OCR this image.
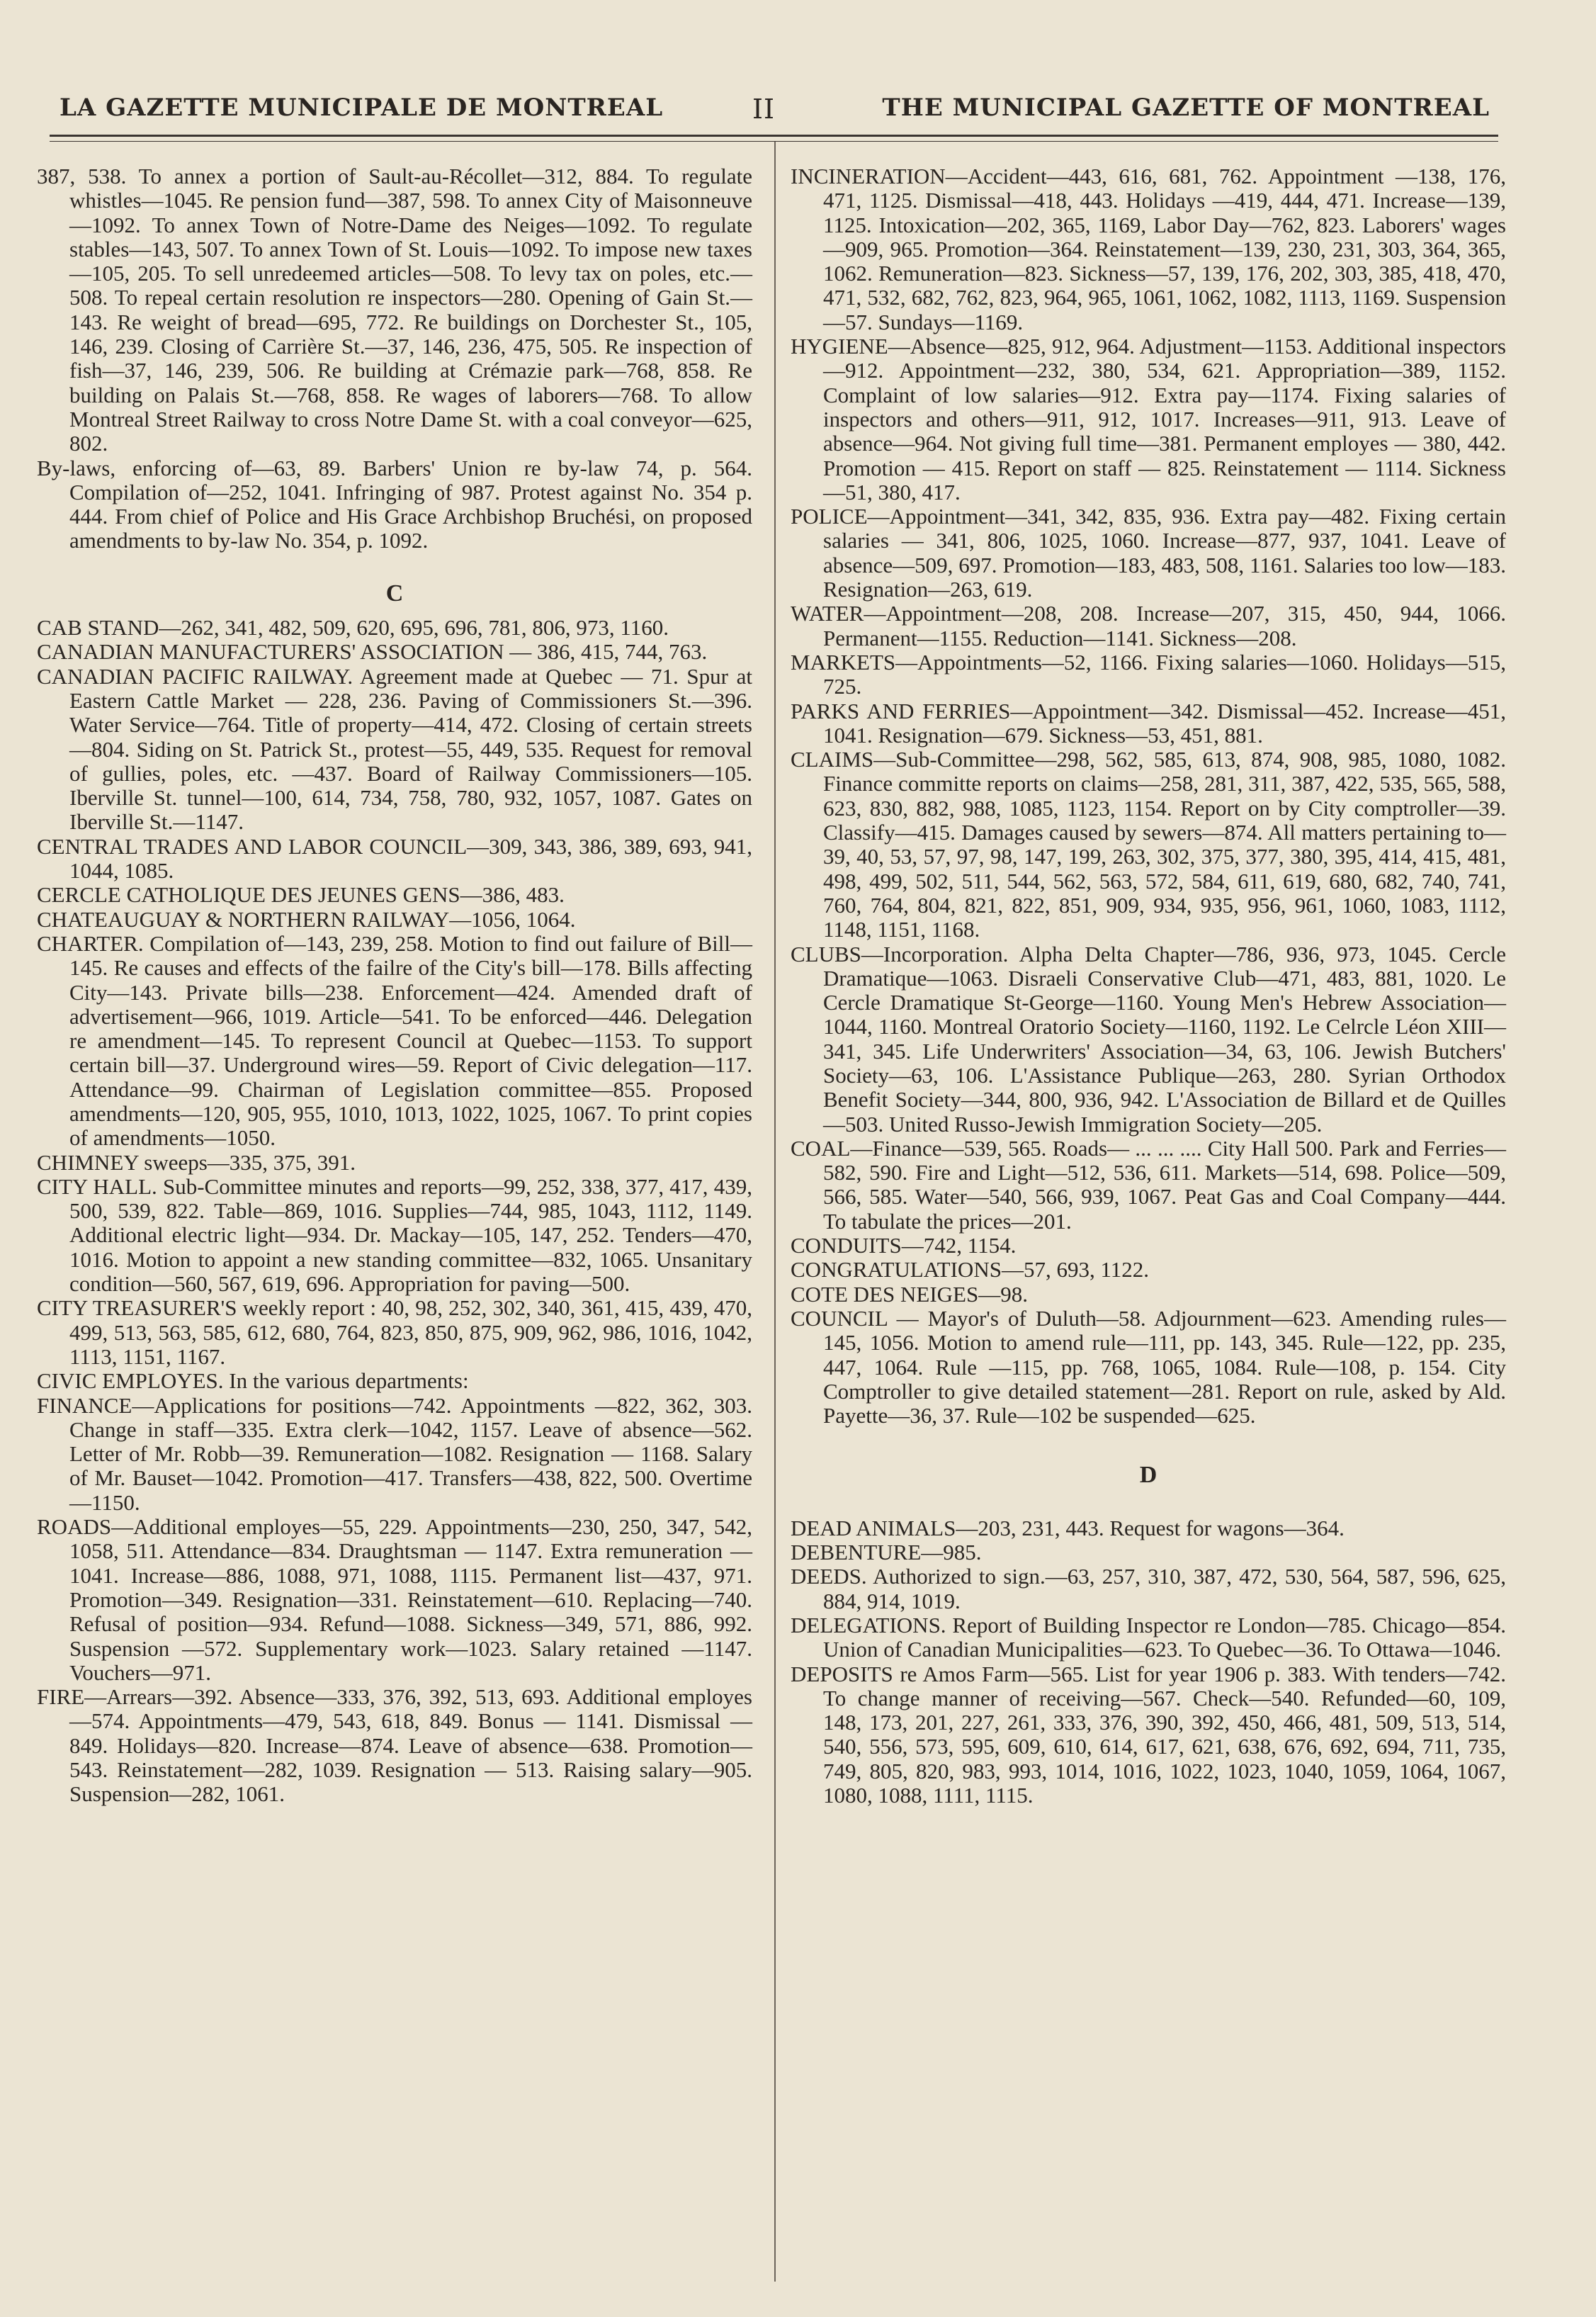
LA GAZETTE MUNICIPALE DE MONTREAL	II	THE MUNICIPAL GAZETTE OF MONTREAL

387, 538. To annex a portion of Sault-au-Récollet—312, 884. To regulate whistles—1045. Re pension fund—387, 598. To annex City of Maisonneuve—1092. To annex Town of Notre-Dame des Neiges—1092. To regulate stables—143, 507. To annex Town of St. Louis—1092. To impose new taxes—105, 205. To sell unredeemed articles—508. To levy tax on poles, etc.—508. To repeal certain resolution re inspectors—280. Opening of Gain St.—143. Re weight of bread—695, 772. Re buildings on Dorchester St., 105, 146, 239. Closing of Carrière St.—37, 146, 236, 475, 505. Re inspection of fish—37, 146, 239, 506. Re building at Crémazie park—768, 858. Re building on Palais St.—768, 858. Re wages of laborers—768. To allow Montreal Street Railway to cross Notre Dame St. with a coal conveyor—625, 802.

By-laws, enforcing of—63, 89. Barbers' Union re by-law 74, p. 564. Compilation of—252, 1041. Infringing of 987. Protest against No. 354 p. 444. From chief of Police and His Grace Archbishop Bruchési, on proposed amendments to by-law No. 354, p. 1092.

C

CAB STAND—262, 341, 482, 509, 620, 695, 696, 781, 806, 973, 1160.

CANADIAN MANUFACTURERS' ASSOCIATION — 386, 415, 744, 763.

CANADIAN PACIFIC RAILWAY. Agreement made at Quebec — 71. Spur at Eastern Cattle Market — 228, 236. Paving of Commissioners St.—396. Water Service—764. Title of property—414, 472. Closing of certain streets—804. Siding on St. Patrick St., protest—55, 449, 535. Request for removal of gullies, poles, etc. —437. Board of Railway Commissioners—105. Iberville St. tunnel—100, 614, 734, 758, 780, 932, 1057, 1087. Gates on Iberville St.—1147.

CENTRAL TRADES AND LABOR COUNCIL—309, 343, 386, 389, 693, 941, 1044, 1085.

CERCLE CATHOLIQUE DES JEUNES GENS—386, 483.

CHATEAUGUAY & NORTHERN RAILWAY—1056, 1064.

CHARTER. Compilation of—143, 239, 258. Motion to find out failure of Bill—145. Re causes and effects of the failre of the City's bill—178. Bills affecting City—143. Private bills—238. Enforcement—424. Amended draft of advertisement—966, 1019. Article—541. To be enforced—446. Delegation re amendment—145. To represent Council at Quebec—1153. To support certain bill—37. Underground wires—59. Report of Civic delegation—117. Attendance—99. Chairman of Legislation committee—855. Proposed amendments—120, 905, 955, 1010, 1013, 1022, 1025, 1067. To print copies of amendments—1050.

CHIMNEY sweeps—335, 375, 391.

CITY HALL. Sub-Committee minutes and reports—99, 252, 338, 377, 417, 439, 500, 539, 822. Table—869, 1016. Supplies—744, 985, 1043, 1112, 1149. Additional electric light—934. Dr. Mackay—105, 147, 252. Tenders—470, 1016. Motion to appoint a new standing committee—832, 1065. Unsanitary condition—560, 567, 619, 696. Appropriation for paving—500.

CITY TREASURER'S weekly report : 40, 98, 252, 302, 340, 361, 415, 439, 470, 499, 513, 563, 585, 612, 680, 764, 823, 850, 875, 909, 962, 986, 1016, 1042, 1113, 1151, 1167.

CIVIC EMPLOYES. In the various departments:

FINANCE—Applications for positions—742. Appointments —822, 362, 303. Change in staff—335. Extra clerk—1042, 1157. Leave of absence—562. Letter of Mr. Robb—39. Remuneration—1082. Resignation — 1168. Salary of Mr. Bauset—1042. Promotion—417. Transfers—438, 822, 500. Overtime—1150.

ROADS—Additional employes—55, 229. Appointments—230, 250, 347, 542, 1058, 511. Attendance—834. Draughtsman — 1147. Extra remuneration — 1041. Increase—886, 1088, 971, 1088, 1115. Permanent list—437, 971. Promotion—349. Resignation—331. Reinstatement—610. Replacing—740. Refusal of position—934. Refund—1088. Sickness—349, 571, 886, 992. Suspension —572. Supplementary work—1023. Salary retained —1147. Vouchers—971.

FIRE—Arrears—392. Absence—333, 376, 392, 513, 693. Additional employes—574. Appointments—479, 543, 618, 849. Bonus — 1141. Dismissal — 849. Holidays—820. Increase—874. Leave of absence—638. Promotion—543. Reinstatement—282, 1039. Resignation — 513. Raising salary—905. Suspension—282, 1061.

INCINERATION—Accident—443, 616, 681, 762. Appointment —138, 176, 471, 1125. Dismissal—418, 443. Holidays —419, 444, 471. Increase—139, 1125. Intoxication—202, 365, 1169, Labor Day—762, 823. Laborers' wages —909, 965. Promotion—364. Reinstatement—139, 230, 231, 303, 364, 365, 1062. Remuneration—823. Sickness—57, 139, 176, 202, 303, 385, 418, 470, 471, 532, 682, 762, 823, 964, 965, 1061, 1062, 1082, 1113, 1169. Suspension—57. Sundays—1169.

HYGIENE—Absence—825, 912, 964. Adjustment—1153. Additional inspectors—912. Appointment—232, 380, 534, 621. Appropriation—389, 1152. Complaint of low salaries—912. Extra pay—1174. Fixing salaries of inspectors and others—911, 912, 1017. Increases—911, 913. Leave of absence—964. Not giving full time—381. Permanent employes — 380, 442. Promotion — 415. Report on staff — 825. Reinstatement — 1114. Sickness—51, 380, 417.

POLICE—Appointment—341, 342, 835, 936. Extra pay—482. Fixing certain salaries — 341, 806, 1025, 1060. Increase—877, 937, 1041. Leave of absence—509, 697. Promotion—183, 483, 508, 1161. Salaries too low—183. Resignation—263, 619.

WATER—Appointment—208, 208. Increase—207, 315, 450, 944, 1066. Permanent—1155. Reduction—1141. Sickness—208.

MARKETS—Appointments—52, 1166. Fixing salaries—1060. Holidays—515, 725.

PARKS AND FERRIES—Appointment—342. Dismissal—452. Increase—451, 1041. Resignation—679. Sickness—53, 451, 881.

CLAIMS—Sub-Committee—298, 562, 585, 613, 874, 908, 985, 1080, 1082. Finance committe reports on claims—258, 281, 311, 387, 422, 535, 565, 588, 623, 830, 882, 988, 1085, 1123, 1154. Report on by City comptroller—39. Classify—415. Damages caused by sewers—874. All matters pertaining to—39, 40, 53, 57, 97, 98, 147, 199, 263, 302, 375, 377, 380, 395, 414, 415, 481, 498, 499, 502, 511, 544, 562, 563, 572, 584, 611, 619, 680, 682, 740, 741, 760, 764, 804, 821, 822, 851, 909, 934, 935, 956, 961, 1060, 1083, 1112, 1148, 1151, 1168.

CLUBS—Incorporation. Alpha Delta Chapter—786, 936, 973, 1045. Cercle Dramatique—1063. Disraeli Conservative Club—471, 483, 881, 1020. Le Cercle Dramatique St-George—1160. Young Men's Hebrew Association—1044, 1160. Montreal Oratorio Society—1160, 1192. Le Celrcle Léon XIII—341, 345. Life Underwriters' Association—34, 63, 106. Jewish Butchers' Society—63, 106. L'Assistance Publique—263, 280. Syrian Orthodox Benefit Society—344, 800, 936, 942. L'Association de Billard et de Quilles—503. United Russo-Jewish Immigration Society—205.

COAL—Finance—539, 565. Roads— ... ... .... City Hall 500. Park and Ferries—582, 590. Fire and Light—512, 536, 611. Markets—514, 698. Police—509, 566, 585. Water—540, 566, 939, 1067. Peat Gas and Coal Company—444. To tabulate the prices—201.

CONDUITS—742, 1154.

CONGRATULATIONS—57, 693, 1122.

COTE DES NEIGES—98.

COUNCIL — Mayor's of Duluth—58. Adjournment—623. Amending rules—145, 1056. Motion to amend rule—111, pp. 143, 345. Rule—122, pp. 235, 447, 1064. Rule —115, pp. 768, 1065, 1084. Rule—108, p. 154. City Comptroller to give detailed statement—281. Report on rule, asked by Ald. Payette—36, 37. Rule—102 be suspended—625.

D

DEAD ANIMALS—203, 231, 443. Request for wagons—364.

DEBENTURE—985.

DEEDS. Authorized to sign.—63, 257, 310, 387, 472, 530, 564, 587, 596, 625, 884, 914, 1019.

DELEGATIONS. Report of Building Inspector re London—785. Chicago—854. Union of Canadian Municipalities—623. To Quebec—36. To Ottawa—1046.

DEPOSITS re Amos Farm—565. List for year 1906 p. 383. With tenders—742. To change manner of receiving—567. Check—540. Refunded—60, 109, 148, 173, 201, 227, 261, 333, 376, 390, 392, 450, 466, 481, 509, 513, 514, 540, 556, 573, 595, 609, 610, 614, 617, 621, 638, 676, 692, 694, 711, 735, 749, 805, 820, 983, 993, 1014, 1016, 1022, 1023, 1040, 1059, 1064, 1067, 1080, 1088, 1111, 1115.
